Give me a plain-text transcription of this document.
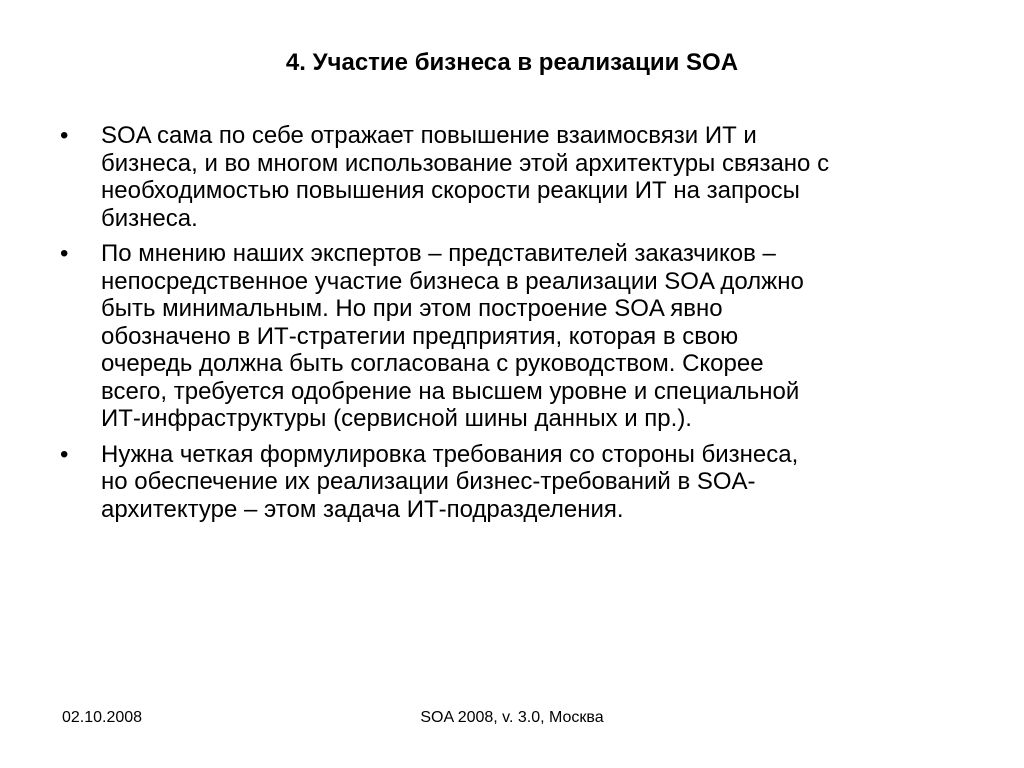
4. Участие бизнеса в реализации SOA
•	SOA сама по себе отражает повышение взаимосвязи ИТ и
бизнеса, и во многом использование этой архитектуры связано с
необходимостью повышения скорости реакции ИТ на запросы
бизнеса.
•	По мнению наших экспертов – представителей заказчиков –
непосредственное участие бизнеса в реализации SOA должно
быть минимальным. Но при этом построение SOA явно
обозначено в ИТ-стратегии предприятия, которая в свою
очередь должна быть согласована с руководством. Скорее
всего, требуется одобрение на высшем уровне и специальной
ИТ-инфраструктуры (сервисной шины данных и пр.).
•	Нужна четкая формулировка требования со стороны бизнеса,
но обеспечение их реализации бизнес-требований в SOA-
архитектуре – этом задача ИТ-подразделения.
02.10.2008	SOA 2008, v. 3.0, Москва
